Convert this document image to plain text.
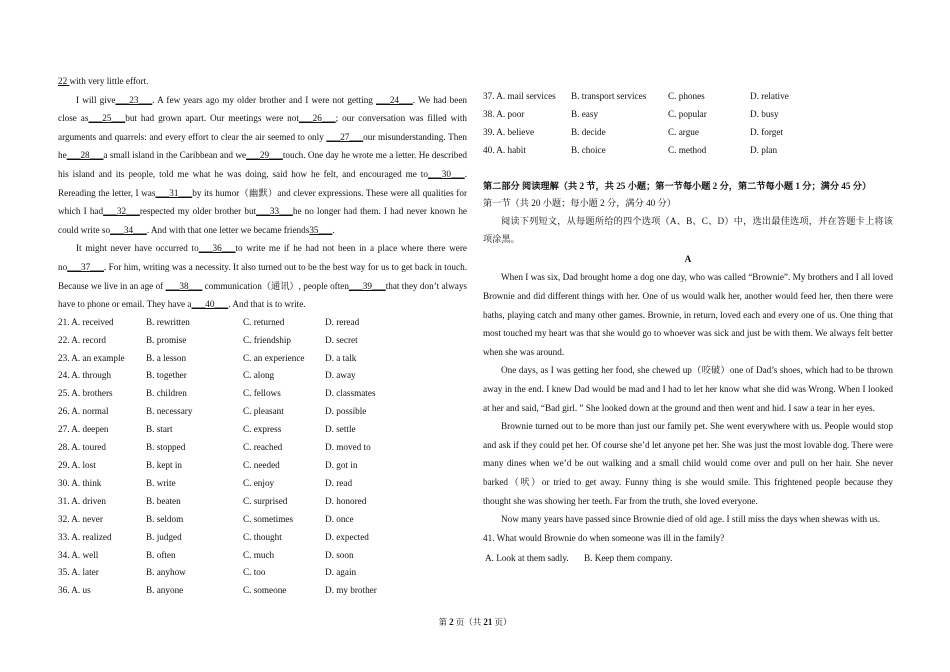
22 with very little effort.

I will give___23___. A few years ago my older brother and I were not getting ___24___. We had been close as___25___but had grown apart. Our meetings were not___26___; our conversation was filled with arguments and quarrels: and every effort to clear the air seemed to only ___27___our misunderstanding. Then he___28___a small island in the Caribbean and we___29___touch. One day he wrote me a letter. He described his island and its people, told me what he was doing, said how he felt, and encouraged me to___30___. Rereading the letter, I was___31___by its humor（幽默）and clever expressions. These were all qualities for which I had___32___respected my older brother but___33___he no longer had them. I had never known he could write so___34___. And with that one letter we became friends35___.

It might never have occurred to___36___to write me if he had not been in a place where there were no___37___. For him, writing was a necessity. It also turned out to be the best way for us to get back in touch. Because we live in an age of ___38___ communication（通讯）, people often___39___that they don’t always have to phone or email. They have a___40___. And that is to write.

21. A. received	B. rewritten	C. returned	D. reread
22. A. record	B. promise	C. friendship	D. secret
23. A. an example	B. a lesson	C. an experience	D. a talk
24. A. through	B. together	C. along	D. away
25. A. brothers	B. children	C. fellows	D. classmates
26. A. normal	B. necessary	C. pleasant	D. possible
27. A. deepen	B. start	C. express	D. settle
28. A. toured	B. stopped	C. reached	D. moved to
29. A. lost	B. kept in	C. needed	D. got in
30. A. think	B. write	C. enjoy	D. read
31. A. driven	B. beaten	C. surprised	D. honored
32. A. never	B. seldom	C. sometimes	D. once
33. A. realized	B. judged	C. thought	D. expected
34. A. well	B. often	C. much	D. soon
35. A. later	B. anyhow	C. too	D. again
36. A. us	B. anyone	C. someone	D. my brother
37. A. mail services	B. transport services	C. phones	D. relative
38. A. poor	B. easy	C. popular	D. busy
39. A. believe	B. decide	C. argue	D. forget
40. A. habit	B. choice	C. method	D. plan

第二部分 阅读理解（共 2 节，共 25 小题；第一节每小题 2 分，第二节每小题 1 分；满分 45 分）

第一节（共 20 小题；每小题 2 分，满分 40 分）

阅读下列短文，从每题所给的四个选项（A、B、C、D）中，选出最佳选项，并在答题卡上将该项涂黑。

A

When I was six, Dad brought home a dog one day, who was called “Brownie”. My brothers and I all loved Brownie and did different things with her. One of us would walk her, another would feed her, then there were baths, playing catch and many other games. Brownie, in return, loved each and every one of us. One thing that most touched my heart was that she would go to whoever was sick and just be with them. We always felt better when she was around.

One days, as I was getting her food, she chewed up（咬破）one of Dad’s shoes, which had to be thrown away in the end. I knew Dad would be mad and I had to let her know what she did was Wrong. When I looked at her and said, “Bad girl. ” She looked down at the ground and then went and hid. I saw a tear in her eyes.

Brownie turned out to be more than just our family pet. She went everywhere with us. People would stop and ask if they could pet her. Of course she’d let anyone pet her. She was just the most lovable dog. There were many dines when we’d be out walking and a small child would come over and pull on her hair. She never barked（吠）or tried to get away. Funny thing is she would smile. This frightened people because they thought she was showing her teeth. Far from the truth, she loved everyone.

Now many years have passed since Brownie died of old age. I still miss the days when shewas with us.

41. What would Brownie do when someone was ill in the family?

A. Look at them sadly.	B. Keep them company.
第 2 页（共 21 页）
